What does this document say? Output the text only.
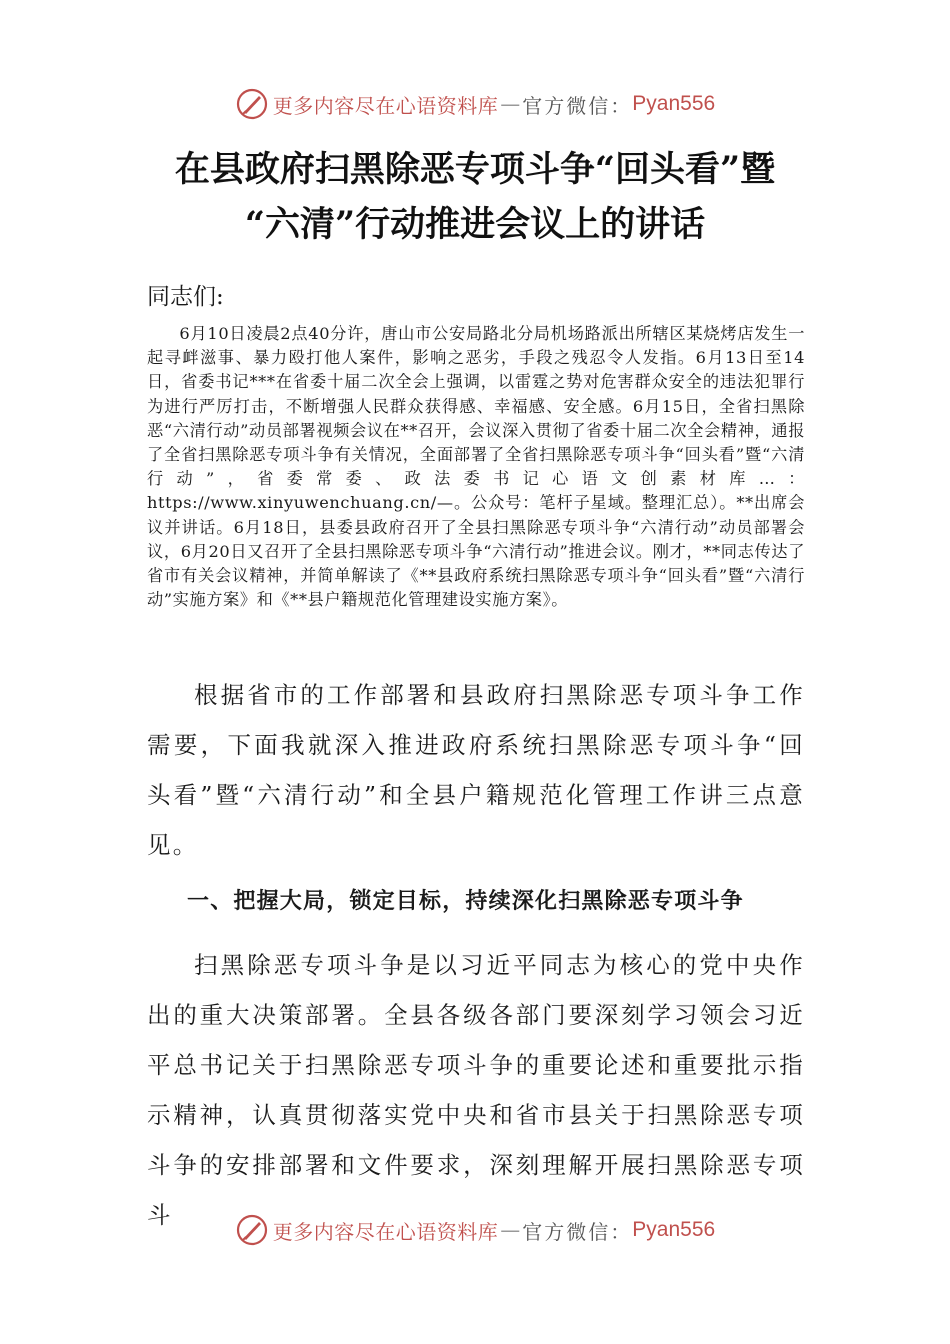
更多内容尽在心语资料库 — 官方微信： Pyan556
在县政府扫黑除恶专项斗争“回头看”暨
“六清”行动推进会议上的讲话

同志们:

6月10日凌晨2点40分许，唐山市公安局路北分局机场路派出所辖区某烧烤店发生一起寻衅滋事、暴力殴打他人案件，影响之恶劣，手段之残忍令人发指。6月13日至14日，省委书记***在省委十届二次全会上强调，以雷霆之势对危害群众安全的违法犯罪行为进行严厉打击，不断增强人民群众获得感、幸福感、安全感。6月15日，全省扫黑除恶“六清行动”动员部署视频会议在**召开，会议深入贯彻了省委十届二次全会精神，通报了全省扫黑除恶专项斗争有关情况，全面部署了全省扫黑除恶专项斗争“回头看”暨“六清行动”，省委常委、政法委书记心语文创素材库…：https://www.xinyuwenchuang.cn/—。公众号：笔杆子星域。整理汇总）。**出席会议并讲话。6月18日，县委县政府召开了全县扫黑除恶专项斗争“六清行动”动员部署会议，6月20日又召开了全县扫黑除恶专项斗争“六清行动”推进会议。刚才，**同志传达了省市有关会议精神，并简单解读了《**县政府系统扫黑除恶专项斗争“回头看”暨“六清行动”实施方案》和《**县户籍规范化管理建设实施方案》。

根据省市的工作部署和县政府扫黑除恶专项斗争工作需要，下面我就深入推进政府系统扫黑除恶专项斗争“回头看”暨“六清行动”和全县户籍规范化管理工作讲三点意见。

一、把握大局，锁定目标，持续深化扫黑除恶专项斗争

扫黑除恶专项斗争是以习近平同志为核心的党中央作出的重大决策部署。全县各级各部门要深刻学习领会习近平总书记关于扫黑除恶专项斗争的重要论述和重要批示指示精神，认真贯彻落实党中央和省市县关于扫黑除恶专项斗争的安排部署和文件要求，深刻理解开展扫黑除恶专项斗

更多内容尽在心语资料库 — 官方微信： Pyan556
